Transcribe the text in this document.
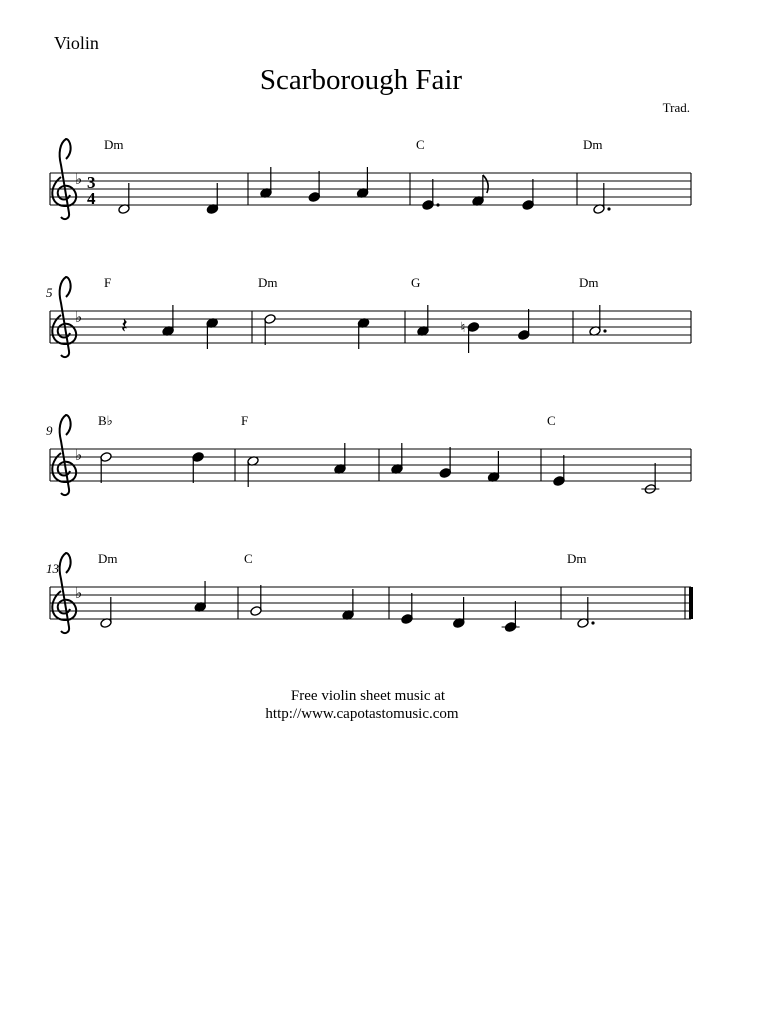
Violin
Scarborough Fair
Trad.
♭ 3
4
Dm	C	Dm
♭
5
F
𝄽
Dm	G
♮
Dm
♭
9
B♭	F	C
♭
13
Dm	C	Dm
Free violin sheet music at
http://www.capotastomusic.com
